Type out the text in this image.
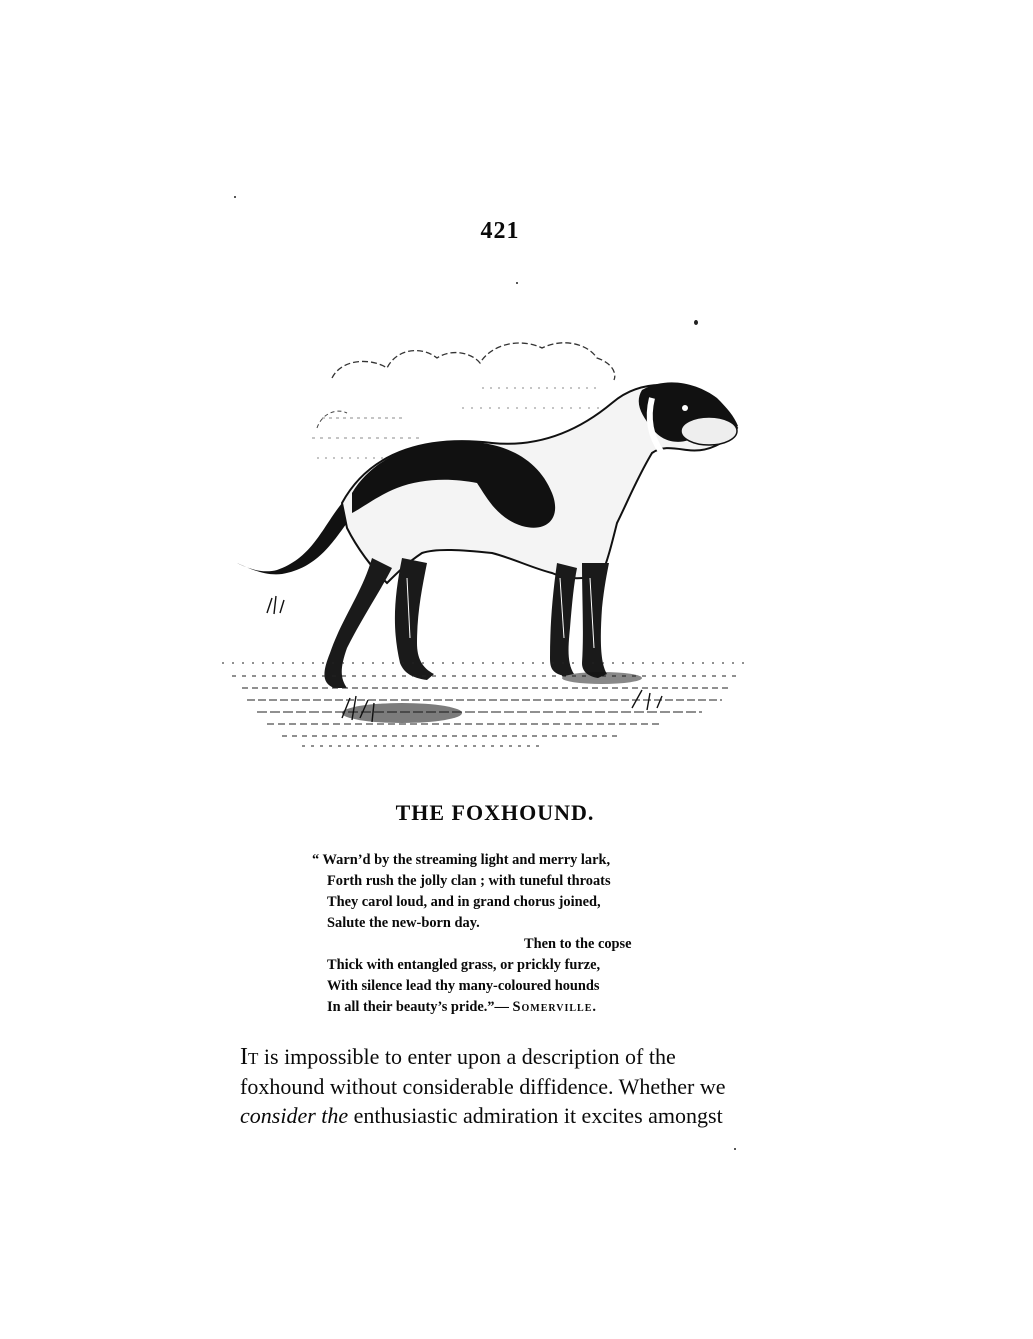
421
THE FOXHOUND.
“ Warn’d by the streaming light and merry lark,
Forth rush the jolly clan ; with tuneful throats
They carol loud, and in grand chorus joined,
Salute the new-born day.
Then to the copse
Thick with entangled grass, or prickly furze,
With silence lead thy many-coloured hounds
In all their beauty’s pride.”— Somerville.
It is impossible to enter upon a description of the
foxhound without considerable diffidence. Whether we
consider the enthusiastic admiration it excites amongst
